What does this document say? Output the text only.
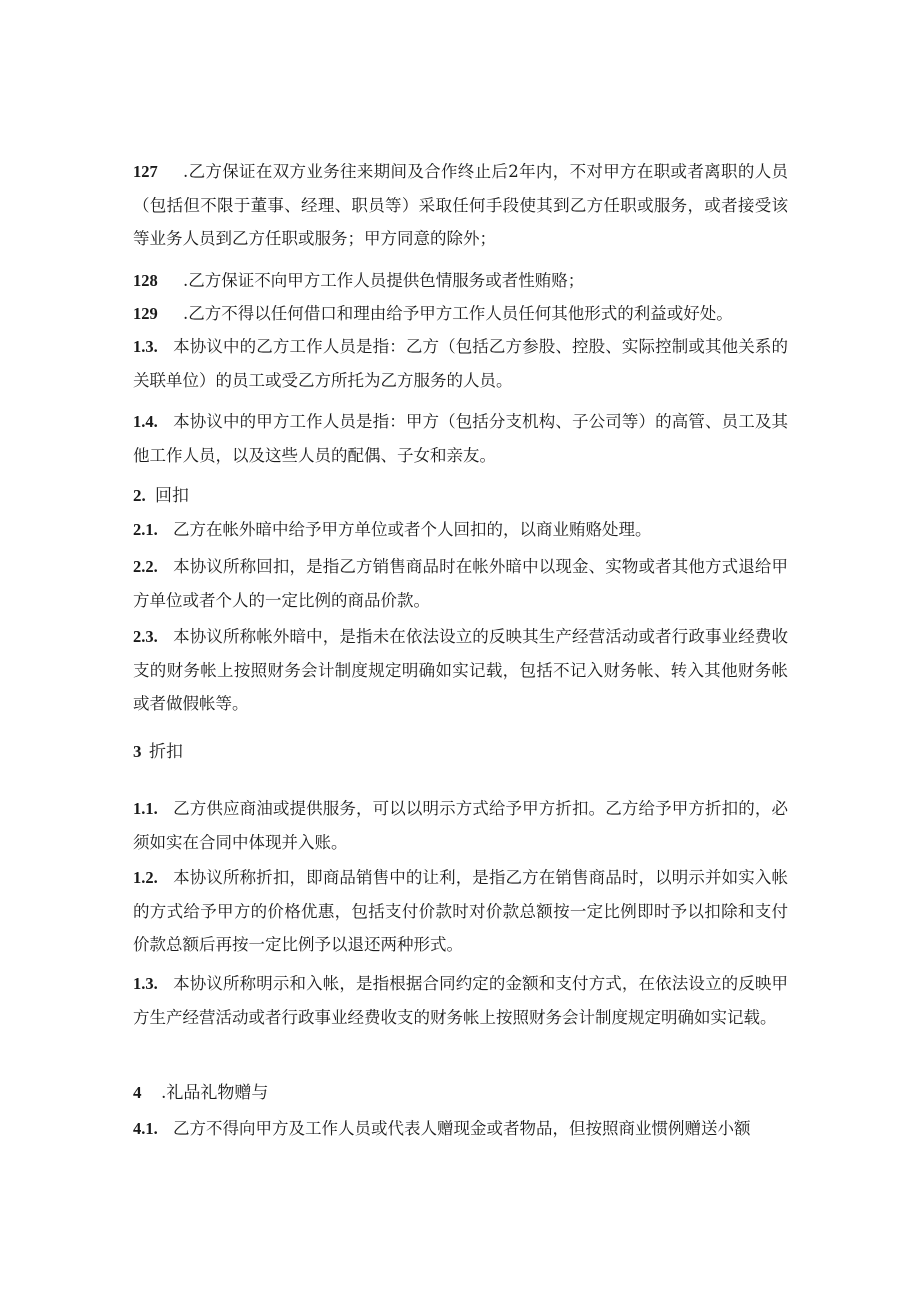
127 .乙方保证在双方业务往来期间及合作终止后2年内，不对甲方在职或者离职的人员（包括但不限于董事、经理、职员等）采取任何手段使其到乙方任职或服务，或者接受该等业务人员到乙方任职或服务；甲方同意的除外；

128 .乙方保证不向甲方工作人员提供色情服务或者性贿赂；

129 .乙方不得以任何借口和理由给予甲方工作人员任何其他形式的利益或好处。

1.3. 本协议中的乙方工作人员是指：乙方（包括乙方参股、控股、实际控制或其他关系的关联单位）的员工或受乙方所托为乙方服务的人员。

1.4. 本协议中的甲方工作人员是指：甲方（包括分支机构、子公司等）的高管、员工及其他工作人员，以及这些人员的配偶、子女和亲友。

2. 回扣

2.1. 乙方在帐外暗中给予甲方单位或者个人回扣的，以商业贿赂处理。

2.2. 本协议所称回扣，是指乙方销售商品时在帐外暗中以现金、实物或者其他方式退给甲方单位或者个人的一定比例的商品价款。

2.3. 本协议所称帐外暗中，是指未在依法设立的反映其生产经营活动或者行政事业经费收支的财务帐上按照财务会计制度规定明确如实记载，包括不记入财务帐、转入其他财务帐或者做假帐等。

3 折扣

1.1. 乙方供应商油或提供服务，可以以明示方式给予甲方折扣。乙方给予甲方折扣的，必须如实在合同中体现并入账。

1.2. 本协议所称折扣，即商品销售中的让利，是指乙方在销售商品时，以明示并如实入帐的方式给予甲方的价格优惠，包括支付价款时对价款总额按一定比例即时予以扣除和支付价款总额后再按一定比例予以退还两种形式。

1.3. 本协议所称明示和入帐，是指根据合同约定的金额和支付方式，在依法设立的反映甲方生产经营活动或者行政事业经费收支的财务帐上按照财务会计制度规定明确如实记载。

4 .礼品礼物赠与

4.1. 乙方不得向甲方及工作人员或代表人赠现金或者物品，但按照商业惯例赠送小额
